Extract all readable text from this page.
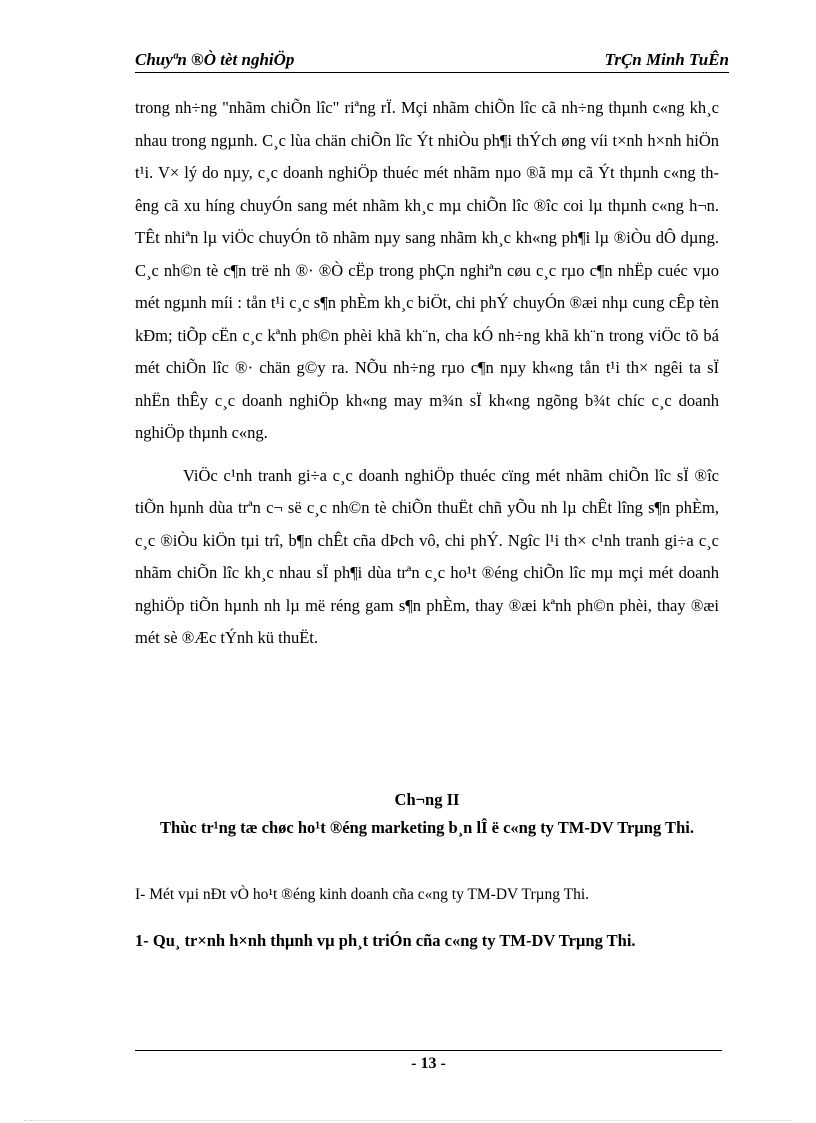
Chuyªn ®Ò tèt nghiÖp	TrÇn Minh TuÊn

trong nh÷ng "nhãm chiÕn lîc" riªng rÏ. Mçi nhãm chiÕn lîc cã nh÷ng thµnh c«ng kh¸c nhau trong ngµnh. C¸c lùa chän chiÕn lîc Ýt nhiÒu ph¶i thÝch øng víi t×nh h×nh hiÖn t¹i. V× lý do nµy, c¸c doanh nghiÖp thuéc mét nhãm nµo ®ã mµ cã Ýt thµnh c«ng thêng cã xu híng chuyÓn sang mét nhãm kh¸c mµ chiÕn lîc ®îc coi lµ thµnh c«ng h¬n. TÊt nhiªn lµ viÖc chuyÓn tõ nhãm nµy sang nhãm kh¸c kh«ng ph¶i lµ ®iÒu dÔ dµng. C¸c nh©n tè c¶n trë nh ®· ®Ò cËp trong phÇn nghiªn cøu c¸c rµo c¶n nhËp cuéc vµo mét ngµnh míi : tån t¹i c¸c s¶n phÈm kh¸c biÖt, chi phÝ chuyÓn ®æi nhµ cung cÊp tèn kÐm; tiÕp cËn c¸c kªnh ph©n phèi khã kh¨n, cha kÓ nh÷ng khã kh¨n trong viÖc tõ bá mét chiÕn lîc ®· chän g©y ra. NÕu nh÷ng rµo c¶n nµy kh«ng tån t¹i th× ngêi ta sÏ nhËn thÊy c¸c doanh nghiÖp kh«ng may m¾n sÏ kh«ng ngõng b¾t chíc c¸c doanh nghiÖp thµnh c«ng.

ViÖc c¹nh tranh gi÷a c¸c doanh nghiÖp thuéc cïng mét nhãm chiÕn lîc sÏ ®îc tiÕn hµnh dùa trªn c¬ së c¸c nh©n tè chiÕn thuËt chñ yÕu nh lµ chÊt lîng s¶n phÈm, c¸c ®iÒu kiÖn tµi trî, b¶n chÊt cña dÞch vô, chi phÝ. Ngîc l¹i th× c¹nh tranh gi÷a c¸c nhãm chiÕn lîc kh¸c nhau sÏ ph¶i dùa trªn c¸c ho¹t ®éng chiÕn lîc mµ mçi mét doanh nghiÖp tiÕn hµnh nh lµ më réng gam s¶n phÈm, thay ®æi kªnh ph©n phèi, thay ®æi mét sè ®Æc tÝnh kü thuËt.

Ch¬ng II
Thùc tr¹ng tæ chøc ho¹t ®éng marketing b¸n lÎ ë c«ng ty TM-DV Trµng Thi.
I- Mét vµi nÐt vÒ ho¹t ®éng kinh doanh cña c«ng ty TM-DV Trµng Thi.
1- Qu¸ tr×nh h×nh thµnh vµ ph¸t triÓn cña c«ng ty TM-DV Trµng Thi.
- 13 -
